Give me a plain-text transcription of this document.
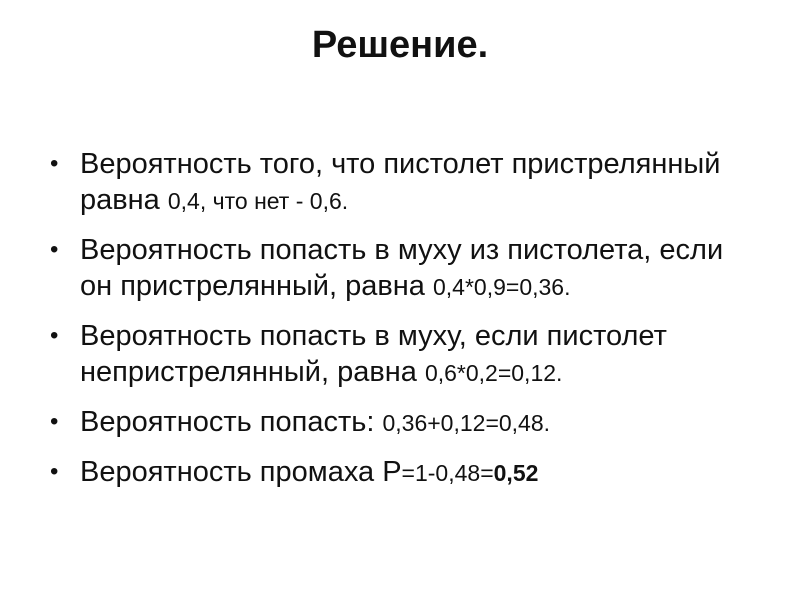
Решение.
• Вероятность того, что пистолет пристрелянный равна 0,4, что нет - 0,6.
• Вероятность попасть в муху из пистолета, если он пристрелянный, равна 0,4*0,9=0,36.
• Вероятность попасть в муху, если пистолет непристрелянный, равна 0,6*0,2=0,12.
• Вероятность попасть: 0,36+0,12=0,48.
• Вероятность промаха Р=1-0,48=0,52
